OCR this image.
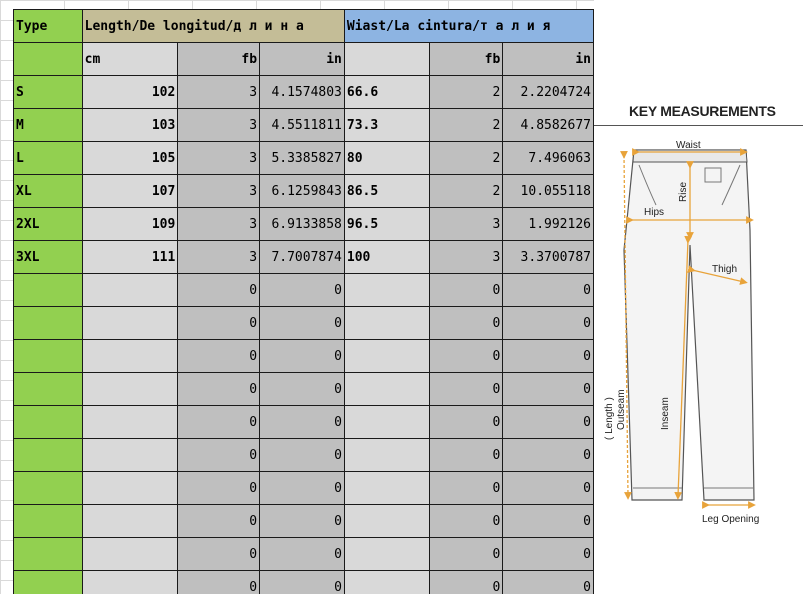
Type	Length/De longitud/д л и н а			Wiast/La cintura/т а л и я		
	cm	fb	in		fb	in
S	102	3	4.1574803	66.6	2	2.2204724
M	103	3	4.5511811	73.3	2	4.8582677
L	105	3	5.3385827	80	2	7.496063
XL	107	3	6.1259843	86.5	2	10.055118
2XL	109	3	6.9133858	96.5	3	1.992126
3XL	111	3	7.7007874	100	3	3.3700787
		0	0		0	0
		0	0		0	0
		0	0		0	0
		0	0		0	0
		0	0		0	0
		0	0		0	0
		0	0		0	0
		0	0		0	0
		0	0		0	0
		0	0		0	0
KEY MEASUREMENTS
Waist
Rise
Hips
Thigh
( Length ) Outseam	Inseam
Leg Opening
